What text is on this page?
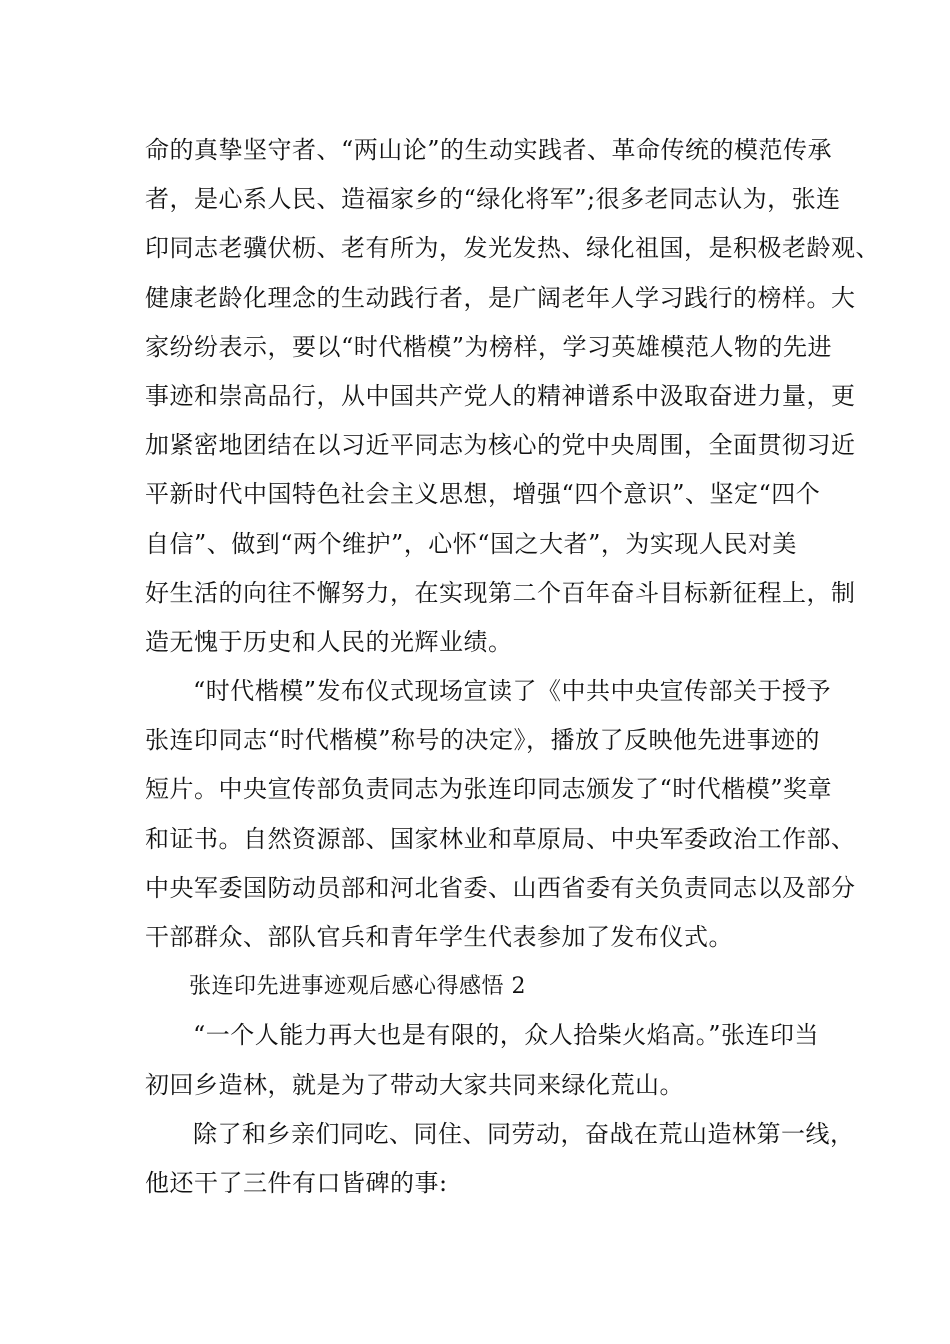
命的真挚坚守者、“两山论”的生动实践者、革命传统的模范传承
者，是心系人民、造福家乡的“绿化将军”;很多老同志认为，张连
印同志老骥伏枥、老有所为，发光发热、绿化祖国，是积极老龄观、
健康老龄化理念的生动践行者，是广阔老年人学习践行的榜样。大
家纷纷表示，要以“时代楷模”为榜样，学习英雄模范人物的先进
事迹和崇高品行，从中国共产党人的精神谱系中汲取奋进力量，更
加紧密地团结在以习近平同志为核心的党中央周围，全面贯彻习近
平新时代中国特色社会主义思想，增强“四个意识”、坚定“四个
自信”、做到“两个维护”，心怀“国之大者”，为实现人民对美
好生活的向往不懈努力，在实现第二个百年奋斗目标新征程上，制
造无愧于历史和人民的光辉业绩。
“时代楷模”发布仪式现场宣读了《中共中央宣传部关于授予
张连印同志“时代楷模”称号的决定》，播放了反映他先进事迹的
短片。中央宣传部负责同志为张连印同志颁发了“时代楷模”奖章
和证书。自然资源部、国家林业和草原局、中央军委政治工作部、
中央军委国防动员部和河北省委、山西省委有关负责同志以及部分
干部群众、部队官兵和青年学生代表参加了发布仪式。
张连印先进事迹观后感心得感悟 2
“一个人能力再大也是有限的，众人拾柴火焰高。”张连印当
初回乡造林，就是为了带动大家共同来绿化荒山。
除了和乡亲们同吃、同住、同劳动，奋战在荒山造林第一线，
他还干了三件有口皆碑的事:
